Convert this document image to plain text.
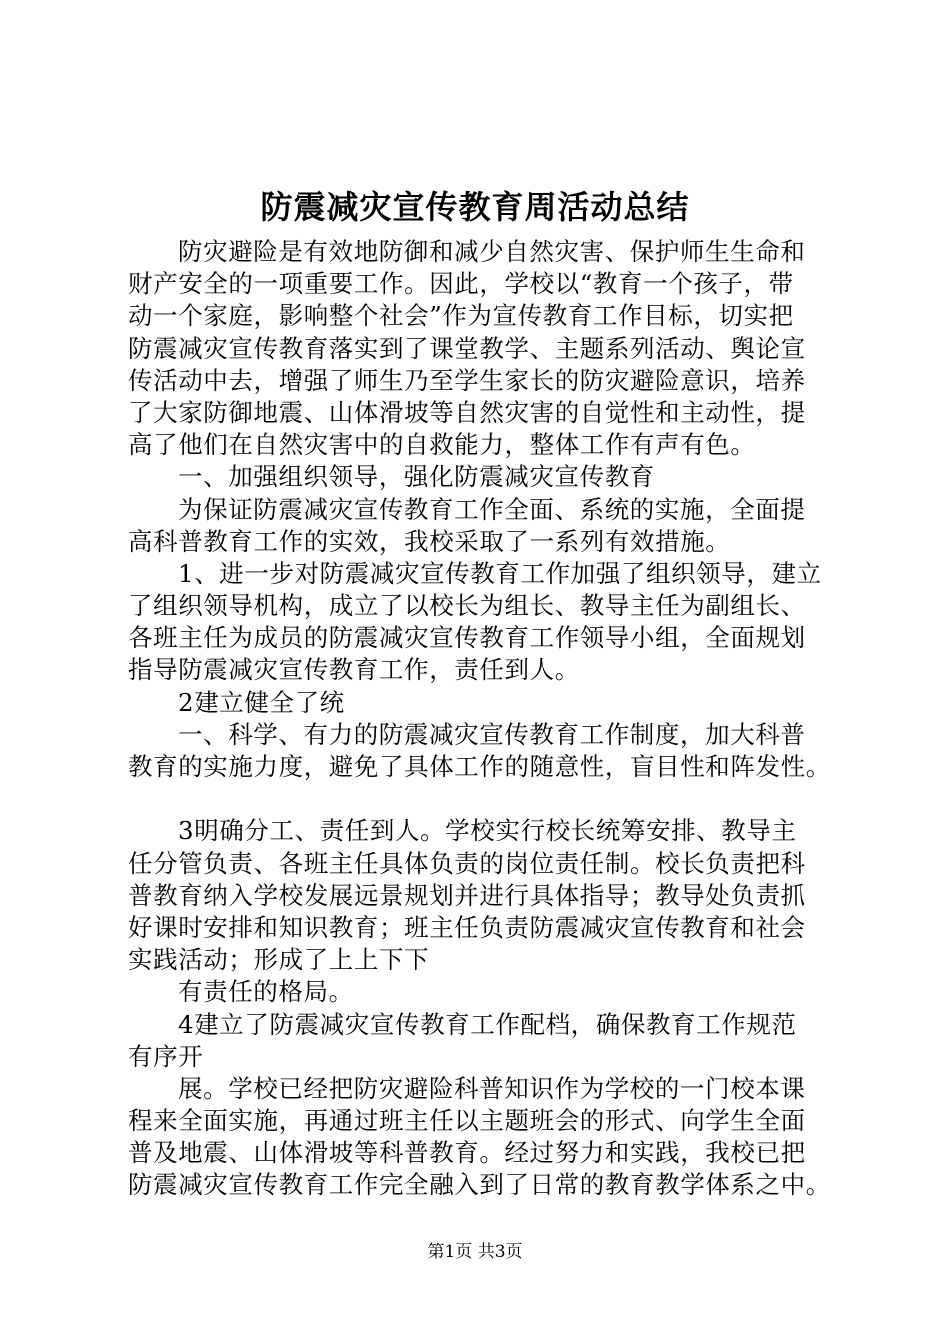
防震减灾宣传教育周活动总结
防灾避险是有效地防御和减少自然灾害、保护师生生命和
财产安全的一项重要工作。因此，学校以“教育一个孩子，带
动一个家庭，影响整个社会”作为宣传教育工作目标，切实把
防震减灾宣传教育落实到了课堂教学、主题系列活动、舆论宣
传活动中去，增强了师生乃至学生家长的防灾避险意识，培养
了大家防御地震、山体滑坡等自然灾害的自觉性和主动性，提
高了他们在自然灾害中的自救能力，整体工作有声有色。
一、加强组织领导，强化防震减灾宣传教育
为保证防震减灾宣传教育工作全面、系统的实施，全面提
高科普教育工作的实效，我校采取了一系列有效措施。
1、进一步对防震减灾宣传教育工作加强了组织领导，建立
了组织领导机构，成立了以校长为组长、教导主任为副组长、
各班主任为成员的防震减灾宣传教育工作领导小组，全面规划
指导防震减灾宣传教育工作，责任到人。
2建立健全了统
一、科学、有力的防震减灾宣传教育工作制度，加大科普
教育的实施力度，避免了具体工作的随意性，盲目性和阵发性。
3明确分工、责任到人。学校实行校长统筹安排、教导主
任分管负责、各班主任具体负责的岗位责任制。校长负责把科
普教育纳入学校发展远景规划并进行具体指导；教导处负责抓
好课时安排和知识教育；班主任负责防震减灾宣传教育和社会
实践活动；形成了上上下下
有责任的格局。
4建立了防震减灾宣传教育工作配档，确保教育工作规范
有序开
展。学校已经把防灾避险科普知识作为学校的一门校本课
程来全面实施，再通过班主任以主题班会的形式、向学生全面
普及地震、山体滑坡等科普教育。经过努力和实践，我校已把
防震减灾宣传教育工作完全融入到了日常的教育教学体系之中。
第1页 共3页
